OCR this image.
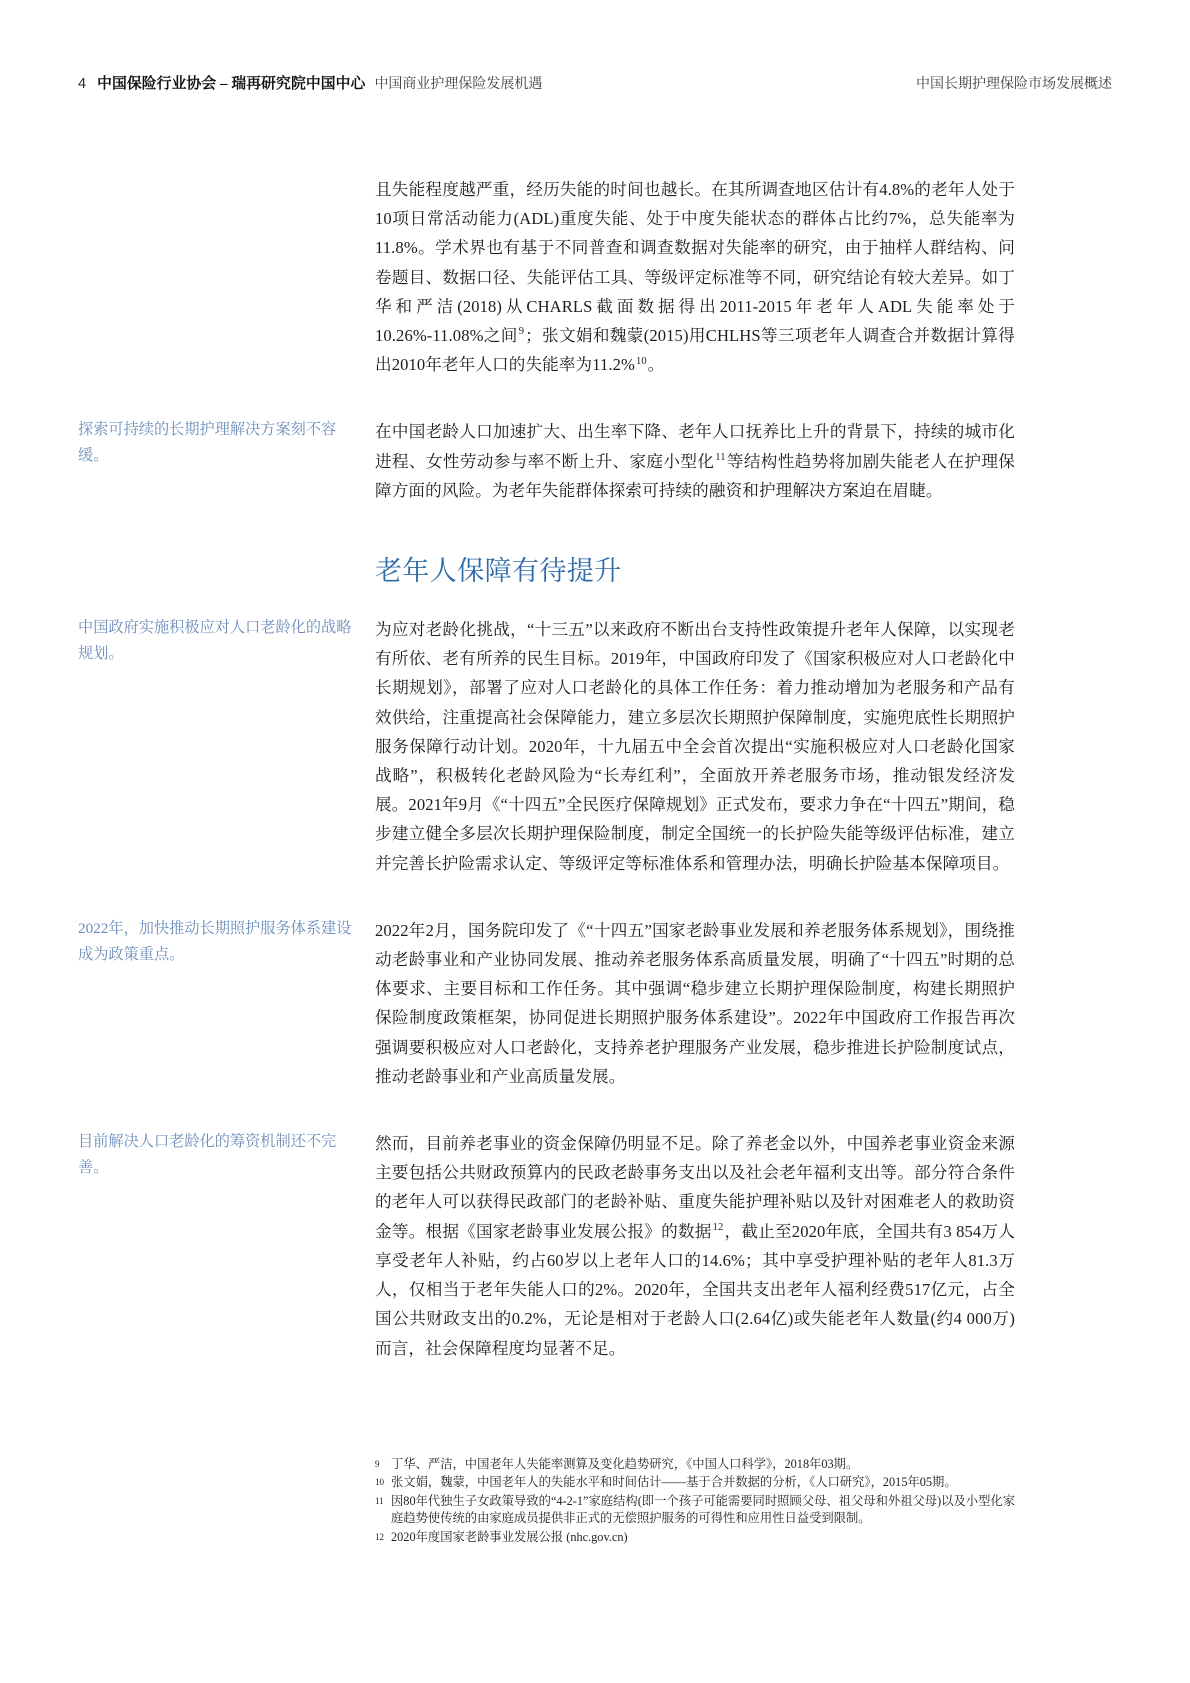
4 中国保险行业协会 – 瑞再研究院中国中心 中国商业护理保险发展机遇	中国长期护理保险市场发展概述

且失能程度越严重，经历失能的时间也越长。在其所调查地区估计有4.8%的老年人处于10项日常活动能力(ADL)重度失能、处于中度失能状态的群体占比约7%，总失能率为11.8%。学术界也有基于不同普查和调查数据对失能率的研究，由于抽样人群结构、问卷题目、数据口径、失能评估工具、等级评定标准等不同，研究结论有较大差异。如丁华和严洁(2018)从CHARLS截面数据得出2011-2015年老年人ADL失能率处于10.26%-11.08%之间$^9$；张文娟和魏蒙(2015)用CHLHS等三项老年人调查合并数据计算得出2010年老年人口的失能率为11.2%$^{10}$。

探索可持续的长期护理解决方案刻不容缓。

在中国老龄人口加速扩大、出生率下降、老年人口抚养比上升的背景下，持续的城市化进程、女性劳动参与率不断上升、家庭小型化$^{11}$等结构性趋势将加剧失能老人在护理保障方面的风险。为老年失能群体探索可持续的融资和护理解决方案迫在眉睫。

老年人保障有待提升
中国政府实施积极应对人口老龄化的战略规划。

为应对老龄化挑战，“十三五”以来政府不断出台支持性政策提升老年人保障，以实现老有所依、老有所养的民生目标。2019年，中国政府印发了《国家积极应对人口老龄化中长期规划》，部署了应对人口老龄化的具体工作任务：着力推动增加为老服务和产品有效供给，注重提高社会保障能力，建立多层次长期照护保障制度，实施兜底性长期照护服务保障行动计划。2020年，十九届五中全会首次提出“实施积极应对人口老龄化国家战略”，积极转化老龄风险为“长寿红利”，全面放开养老服务市场，推动银发经济发展。2021年9月《“十四五”全民医疗保障规划》正式发布，要求力争在“十四五”期间，稳步建立健全多层次长期护理保险制度，制定全国统一的长护险失能等级评估标准，建立并完善长护险需求认定、等级评定等标准体系和管理办法，明确长护险基本保障项目。

2022年，加快推动长期照护服务体系建设成为政策重点。

2022年2月，国务院印发了《“十四五”国家老龄事业发展和养老服务体系规划》，围绕推动老龄事业和产业协同发展、推动养老服务体系高质量发展，明确了“十四五”时期的总体要求、主要目标和工作任务。其中强调“稳步建立长期护理保险制度，构建长期照护保险制度政策框架，协同促进长期照护服务体系建设”。2022年中国政府工作报告再次强调要积极应对人口老龄化，支持养老护理服务产业发展，稳步推进长护险制度试点，推动老龄事业和产业高质量发展。

目前解决人口老龄化的筹资机制还不完善。

然而，目前养老事业的资金保障仍明显不足。除了养老金以外，中国养老事业资金来源主要包括公共财政预算内的民政老龄事务支出以及社会老年福利支出等。部分符合条件的老年人可以获得民政部门的老龄补贴、重度失能护理补贴以及针对困难老人的救助资金等。根据《国家老龄事业发展公报》的数据$^{12}$，截止至2020年底，全国共有3 854万人享受老年人补贴，约占60岁以上老年人口的14.6%；其中享受护理补贴的老年人81.3万人，仅相当于老年失能人口的2%。2020年，全国共支出老年人福利经费517亿元，占全国公共财政支出的0.2%，无论是相对于老龄人口(2.64亿)或失能老年人数量(约4 000万)而言，社会保障程度均显著不足。

9 丁华、严洁，中国老年人失能率测算及变化趋势研究，《中国人口科学》，2018年03期。
10 张文娟，魏蒙，中国老年人的失能水平和时间估计——基于合并数据的分析，《人口研究》，2015年05期。
11 因80年代独生子女政策导致的“4-2-1”家庭结构(即一个孩子可能需要同时照顾父母、祖父母和外祖父母)以及小型化家庭趋势使传统的由家庭成员提供非正式的无偿照护服务的可得性和应用性日益受到限制。
12 2020年度国家老龄事业发展公报 (nhc.gov.cn)
